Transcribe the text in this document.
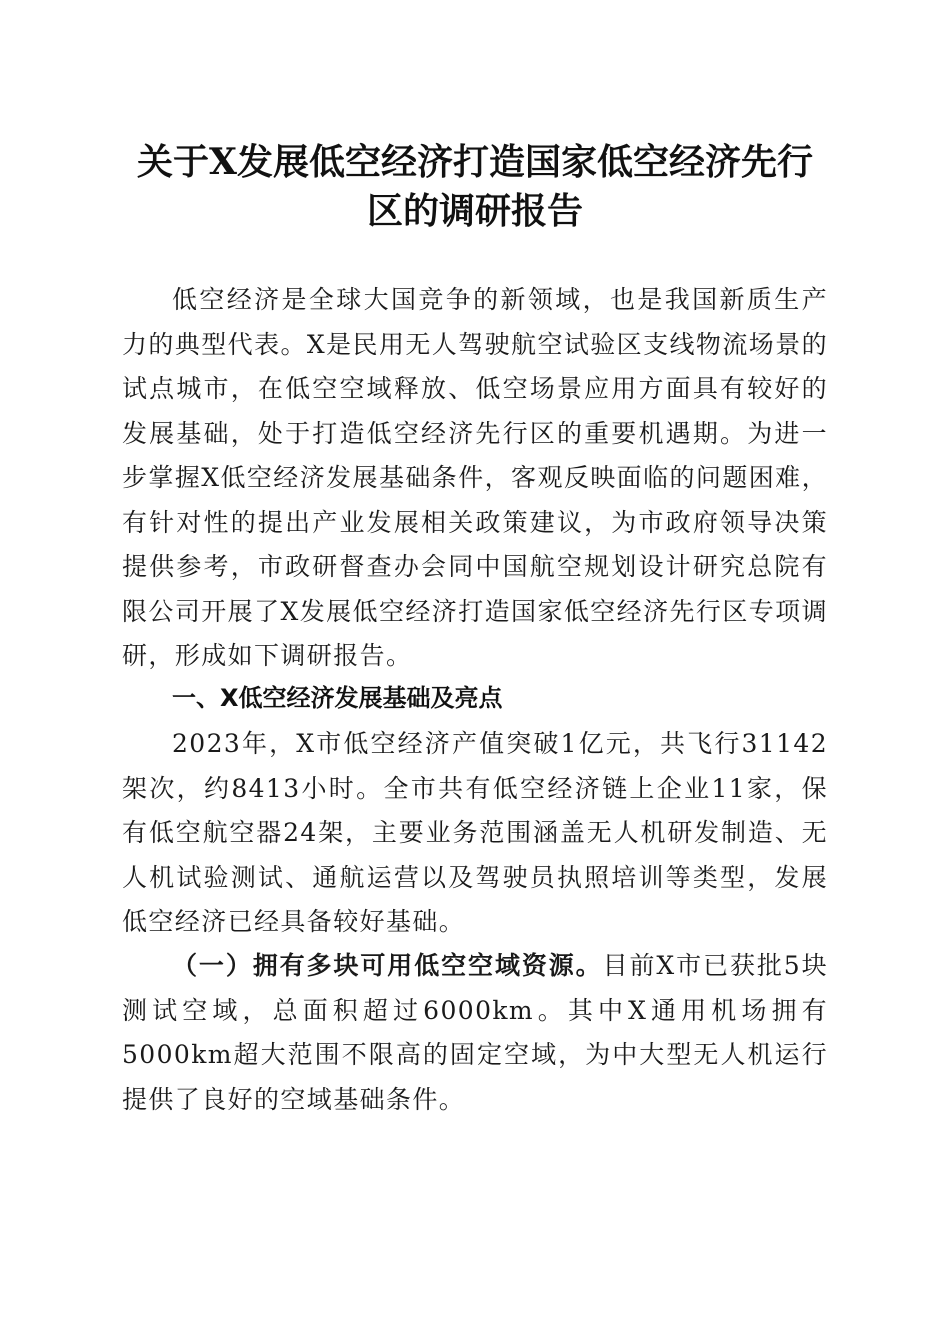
关于X发展低空经济打造国家低空经济先行
区的调研报告

低空经济是全球大国竞争的新领域，也是我国新质生产力的典型代表。X是民用无人驾驶航空试验区支线物流场景的试点城市，在低空空域释放、低空场景应用方面具有较好的发展基础，处于打造低空经济先行区的重要机遇期。为进一步掌握X低空经济发展基础条件，客观反映面临的问题困难，有针对性的提出产业发展相关政策建议，为市政府领导决策提供参考，市政研督查办会同中国航空规划设计研究总院有限公司开展了X发展低空经济打造国家低空经济先行区专项调研，形成如下调研报告。

一、X低空经济发展基础及亮点

2023年，X市低空经济产值突破1亿元，共飞行31142架次，约8413小时。全市共有低空经济链上企业11家，保有低空航空器24架，主要业务范围涵盖无人机研发制造、无人机试验测试、通航运营以及驾驶员执照培训等类型，发展低空经济已经具备较好基础。

（一）拥有多块可用低空空域资源。目前X市已获批5块测试空域，总面积超过6000km。其中X通用机场拥有5000km超大范围不限高的固定空域，为中大型无人机运行提供了良好的空域基础条件。
